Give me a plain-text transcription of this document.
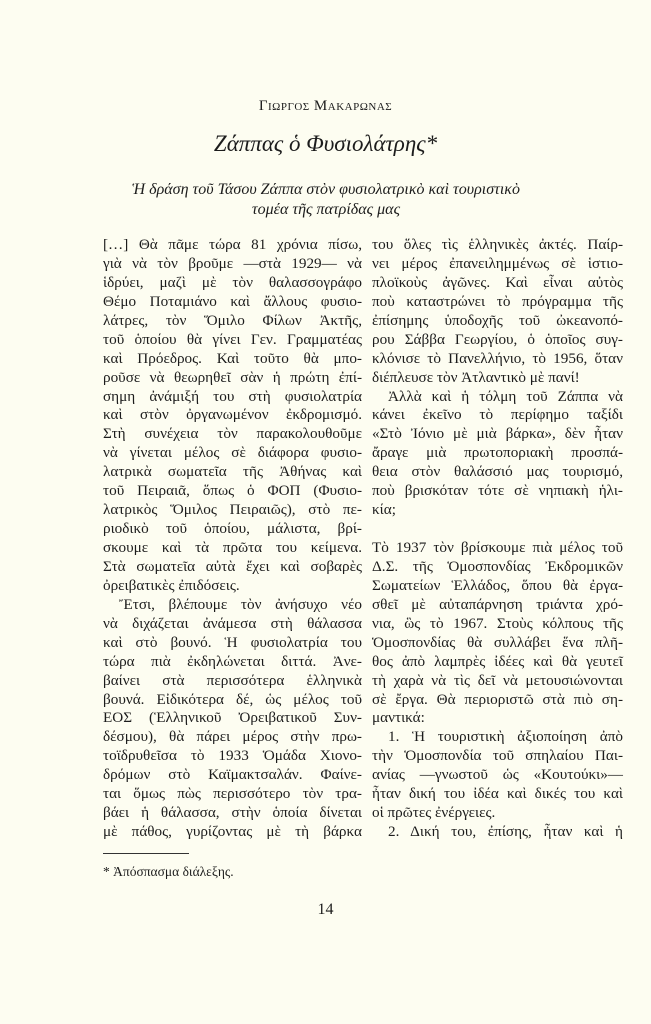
Γιωργος Μακαρωνας
Ζάππας ὁ Φυσιολάτρης*
Ἡ δράση τοῦ Τάσου Ζάππα στὸν φυσιολατρικὸ καὶ τουριστικὸ
τομέα τῆς πατρίδας μας
[…] Θὰ πᾶμε τώρα 81 χρόνια πίσω,
γιὰ νὰ τὸν βροῦμε —στὰ 1929— νὰ
ἱδρύει, μαζὶ μὲ τὸν θαλασσογράφο
Θέμο Ποταμιάνο καὶ ἄλλους φυσιο-
λάτρες, τὸν Ὅμιλο Φίλων Ἀκτῆς,
τοῦ ὁποίου θὰ γίνει Γεν. Γραμματέας
καὶ Πρόεδρος. Καὶ τοῦτο θὰ μπο-
ροῦσε νὰ θεωρηθεῖ σὰν ἡ πρώτη ἐπί-
σημη ἀνάμιξή του στὴ φυσιολατρία
καὶ στὸν ὀργανωμένον ἐκδρομισμό.
Στὴ συνέχεια τὸν παρακολουθοῦμε
νὰ γίνεται μέλος σὲ διάφορα φυσιο-
λατρικὰ σωματεῖα τῆς Ἀθήνας καὶ
τοῦ Πειραιᾶ, ὅπως ὁ ΦΟΠ (Φυσιο-
λατρικὸς Ὅμιλος Πειραιῶς), στὸ πε-
ριοδικὸ τοῦ ὁποίου, μάλιστα, βρί-
σκουμε καὶ τὰ πρῶτα του κείμενα.
Στὰ σωματεῖα αὐτὰ ἔχει καὶ σοβαρὲς
ὀρειβατικὲς ἐπιδόσεις.
Ἔτσι, βλέπουμε τὸν ἀνήσυχο νέο
νὰ διχάζεται ἀνάμεσα στὴ θάλασσα
καὶ στὸ βουνό. Ἡ φυσιολατρία του
τώρα πιὰ ἐκδηλώνεται διττά. Ἀνε-
βαίνει στὰ περισσότερα ἑλληνικὰ
βουνά. Εἰδικότερα δέ, ὡς μέλος τοῦ
ΕΟΣ (Ἑλληνικοῦ Ὀρειβατικοῦ Συν-
δέσμου), θὰ πάρει μέρος στὴν πρω-
τοϊδρυθεῖσα τὸ 1933 Ὁμάδα Χιονο-
δρόμων στὸ Καϊμακτσαλάν. Φαίνε-
ται ὅμως πὼς περισσότερο τὸν τρα-
βάει ἡ θάλασσα, στὴν ὁποία δίνεται
μὲ πάθος, γυρίζοντας μὲ τὴ βάρκα
του ὅλες τὶς ἑλληνικὲς ἀκτές. Παίρ-
νει μέρος ἐπανειλημμένως σὲ ἱστιο-
πλοϊκοὺς ἀγῶνες. Καὶ εἶναι αὐτὸς
ποὺ καταστρώνει τὸ πρόγραμμα τῆς
ἐπίσημης ὑποδοχῆς τοῦ ὠκεανοπό-
ρου Σάββα Γεωργίου, ὁ ὁποῖος συγ-
κλόνισε τὸ Πανελλήνιο, τὸ 1956, ὅταν
διέπλευσε τὸν Ἀτλαντικὸ μὲ πανί!
Ἀλλὰ καὶ ἡ τόλμη τοῦ Ζάππα νὰ
κάνει ἐκεῖνο τὸ περίφημο ταξίδι
«Στὸ Ἰόνιο μὲ μιὰ βάρκα», δὲν ἦταν
ἄραγε μιὰ πρωτοποριακὴ προσπά-
θεια στὸν θαλάσσιό μας τουρισμό,
ποὺ βρισκόταν τότε σὲ νηπιακὴ ἡλι-
κία;
Τὸ 1937 τὸν βρίσκουμε πιὰ μέλος τοῦ
Δ.Σ. τῆς Ὁμοσπονδίας Ἐκδρομικῶν
Σωματείων Ἑλλάδος, ὅπου θὰ ἐργα-
σθεῖ μὲ αὐταπάρνηση τριάντα χρό-
νια, ὣς τὸ 1967. Στοὺς κόλπους τῆς
Ὁμοσπονδίας θὰ συλλάβει ἕνα πλῆ-
θος ἀπὸ λαμπρὲς ἰδέες καὶ θὰ γευτεῖ
τὴ χαρὰ νὰ τὶς δεῖ νὰ μετουσιώνονται
σὲ ἔργα. Θὰ περιοριστῶ στὰ πιὸ ση-
μαντικά:
1. Ἡ τουριστικὴ ἀξιοποίηση ἀπὸ
τὴν Ὁμοσπονδία τοῦ σπηλαίου Παι-
ανίας —γνωστοῦ ὡς «Κουτούκι»—
ἦταν δική του ἰδέα καὶ δικές του καὶ
οἱ πρῶτες ἐνέργειες.
2. Δική του, ἐπίσης, ἦταν καὶ ἡ
* Ἀπόσπασμα διάλεξης.
14
